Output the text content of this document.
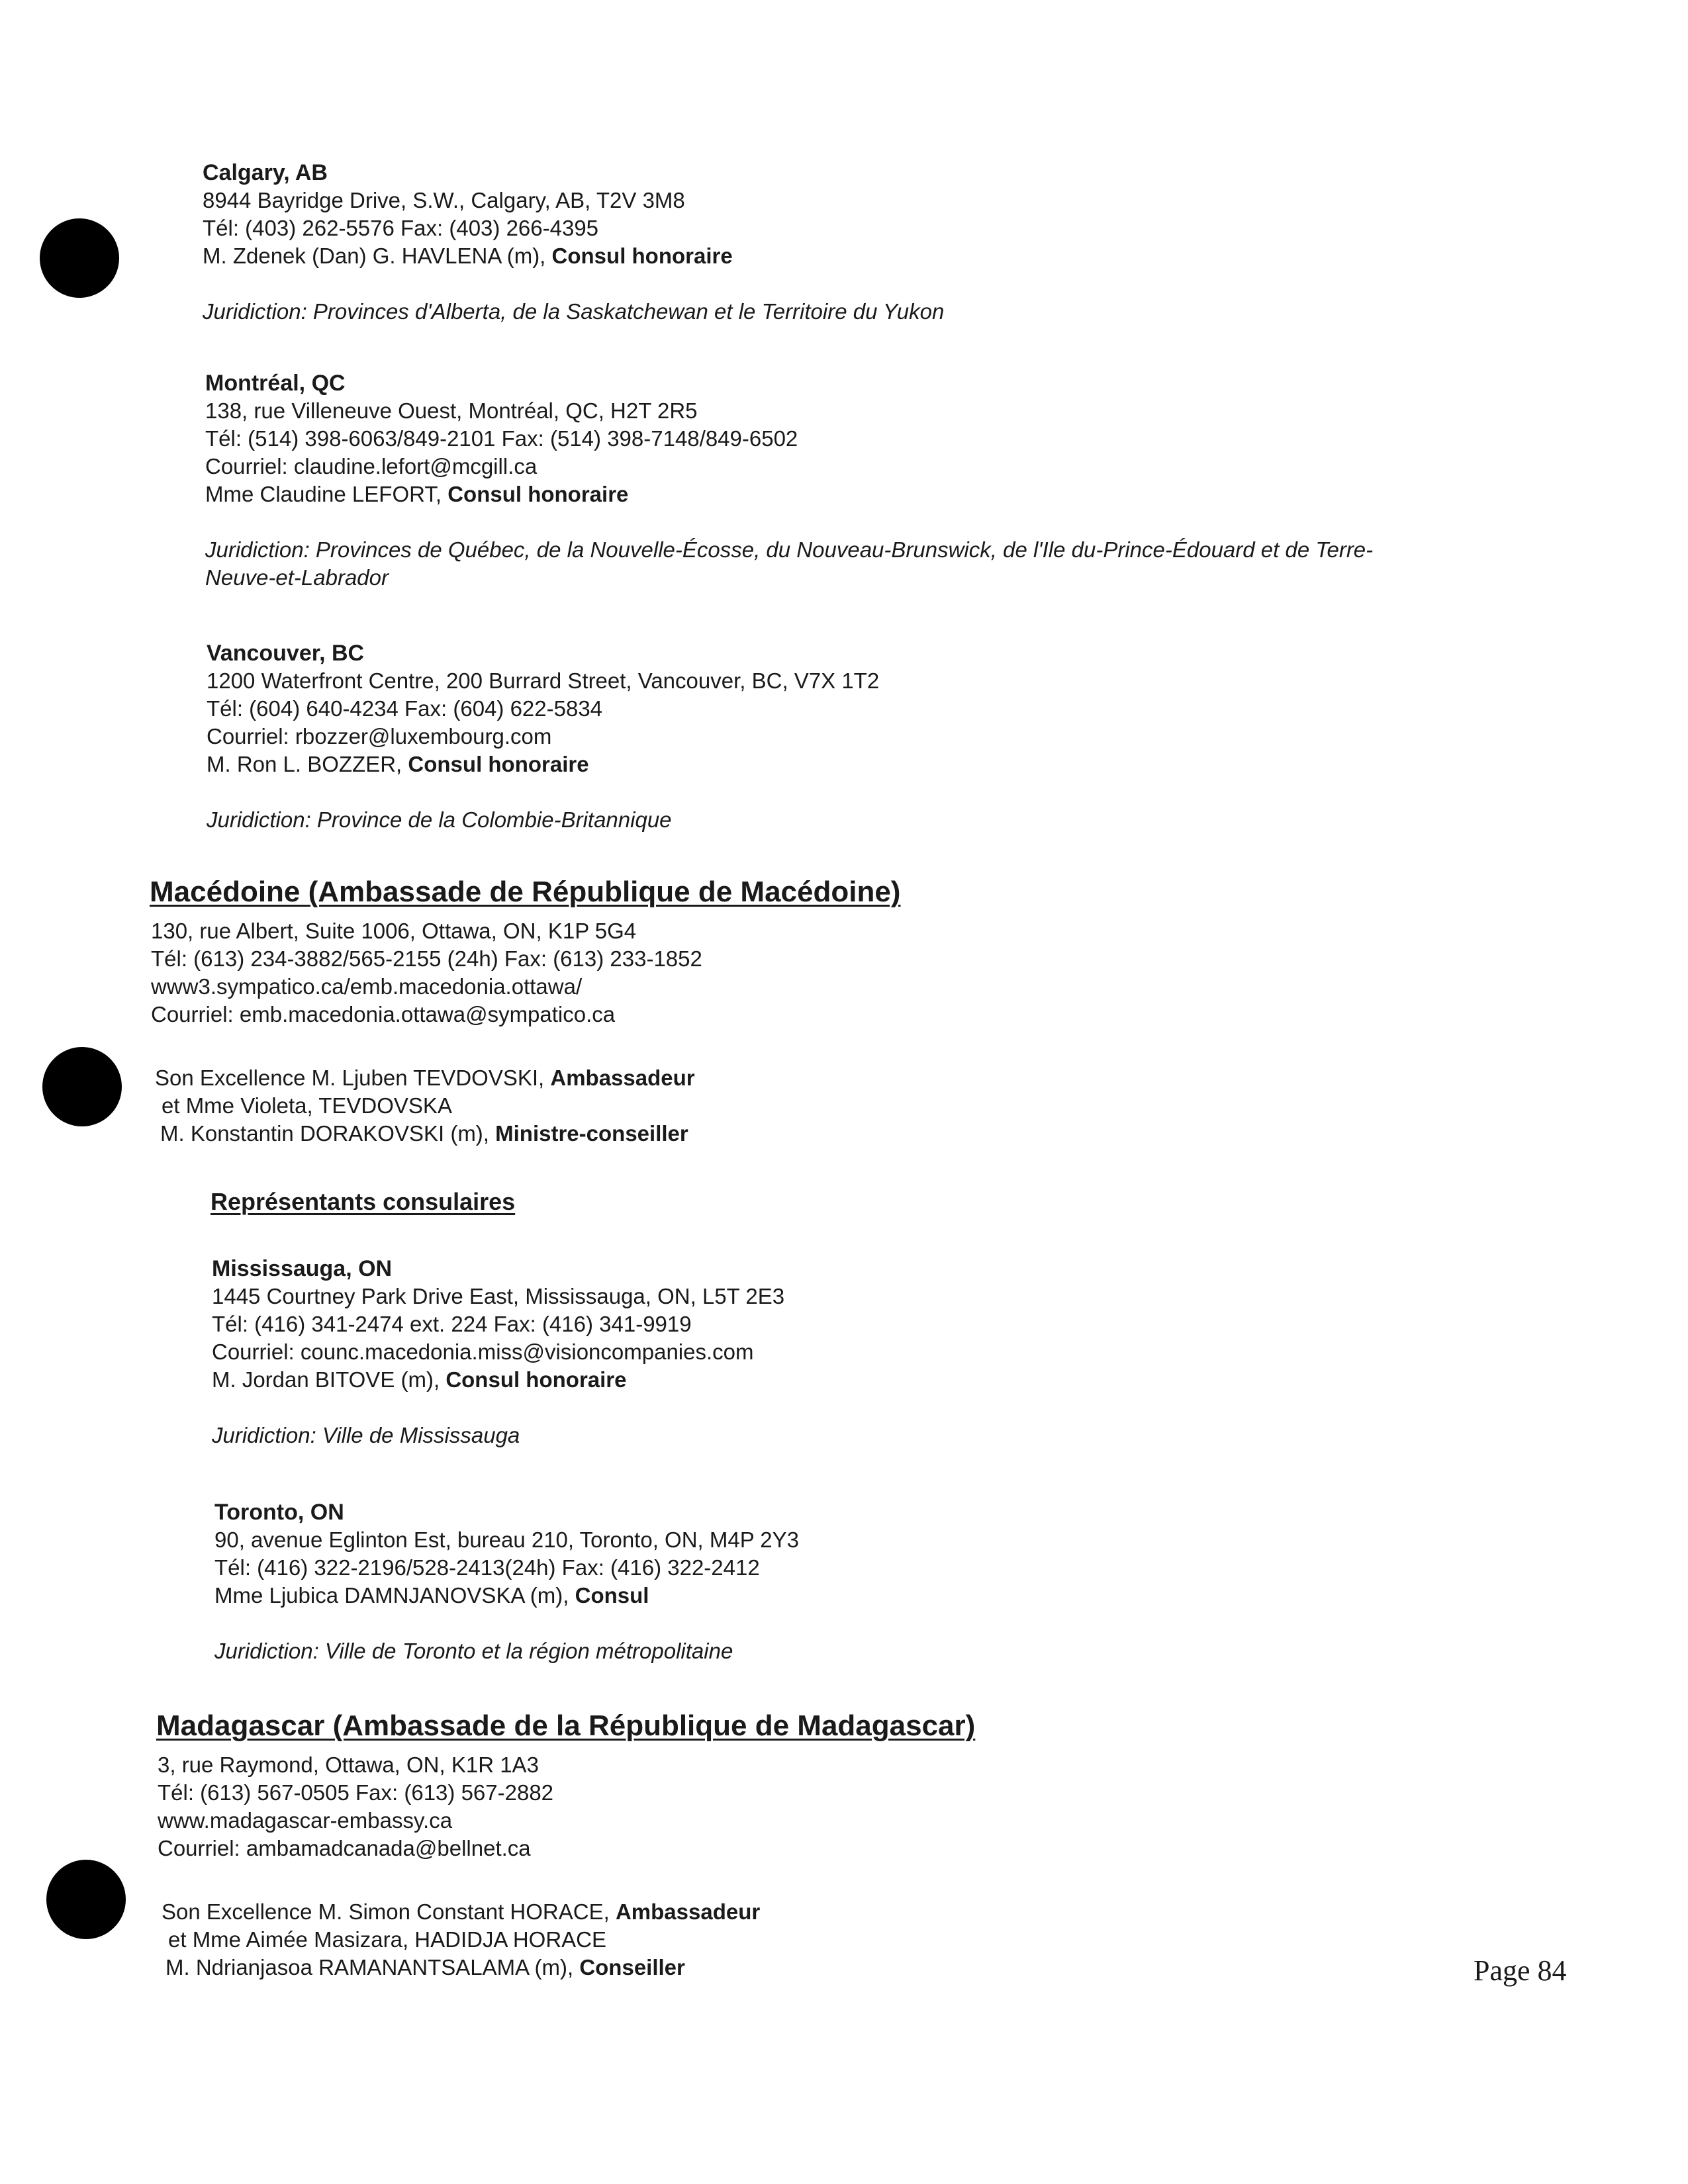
Calgary, AB
8944 Bayridge Drive, S.W., Calgary, AB, T2V 3M8
Tél: (403) 262-5576 Fax: (403) 266-4395
M. Zdenek (Dan) G. HAVLENA (m), Consul honoraire
Juridiction: Provinces d'Alberta, de la Saskatchewan et le Territoire du Yukon
Montréal, QC
138, rue Villeneuve Ouest, Montréal, QC, H2T 2R5
Tél: (514) 398-6063/849-2101 Fax: (514) 398-7148/849-6502
Courriel: claudine.lefort@mcgill.ca
Mme Claudine LEFORT, Consul honoraire
Juridiction: Provinces de Québec, de la Nouvelle-Écosse, du Nouveau-Brunswick, de l'Ile du-Prince-Édouard et de Terre-
Neuve-et-Labrador
Vancouver, BC
1200 Waterfront Centre, 200 Burrard Street, Vancouver, BC, V7X 1T2
Tél: (604) 640-4234 Fax: (604) 622-5834
Courriel: rbozzer@luxembourg.com
M. Ron L. BOZZER, Consul honoraire
Juridiction: Province de la Colombie-Britannique
Macédoine (Ambassade de République de Macédoine)
130, rue Albert, Suite 1006, Ottawa, ON, K1P 5G4
Tél: (613) 234-3882/565-2155 (24h) Fax: (613) 233-1852
www3.sympatico.ca/emb.macedonia.ottawa/
Courriel: emb.macedonia.ottawa@sympatico.ca
Son Excellence M. Ljuben TEVDOVSKI, Ambassadeur
et Mme Violeta, TEVDOVSKA
M. Konstantin DORAKOVSKI (m), Ministre-conseiller
Représentants consulaires
Mississauga, ON
1445 Courtney Park Drive East, Mississauga, ON, L5T 2E3
Tél: (416) 341-2474 ext. 224 Fax: (416) 341-9919
Courriel: counc.macedonia.miss@visioncompanies.com
M. Jordan BITOVE (m), Consul honoraire
Juridiction: Ville de Mississauga
Toronto, ON
90, avenue Eglinton Est, bureau 210, Toronto, ON, M4P 2Y3
Tél: (416) 322-2196/528-2413(24h) Fax: (416) 322-2412
Mme Ljubica DAMNJANOVSKA (m), Consul
Juridiction: Ville de Toronto et la région métropolitaine
Madagascar (Ambassade de la République de Madagascar)
3, rue Raymond, Ottawa, ON, K1R 1A3
Tél: (613) 567-0505 Fax: (613) 567-2882
www.madagascar-embassy.ca
Courriel: ambamadcanada@bellnet.ca
Son Excellence M. Simon Constant HORACE, Ambassadeur
et Mme Aimée Masizara, HADIDJA HORACE
M. Ndrianjasoa RAMANANTSALAMA (m), Conseiller	Page 84
